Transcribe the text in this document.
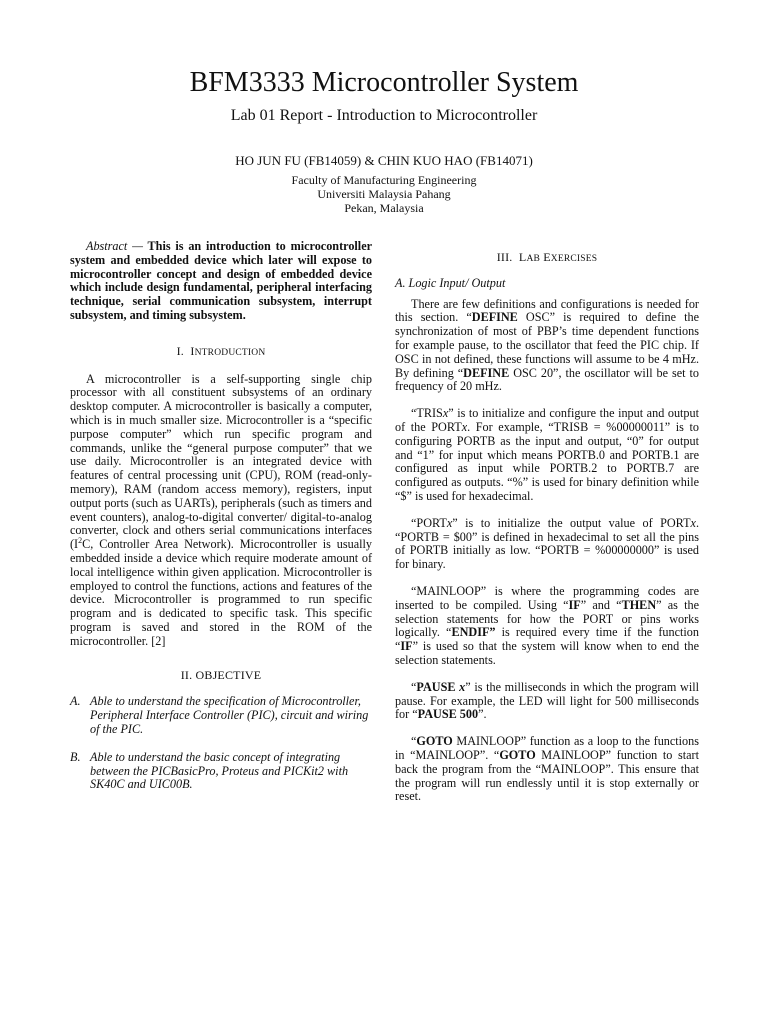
BFM3333 Microcontroller System
Lab 01 Report - Introduction to Microcontroller
HO JUN FU (FB14059) & CHIN KUO HAO (FB14071)
Faculty of Manufacturing Engineering
Universiti Malaysia Pahang
Pekan, Malaysia

Abstract — This is an introduction to microcontroller system and embedded device which later will expose to microcontroller concept and design of embedded device which include design fundamental, peripheral interfacing technique, serial communication subsystem, interrupt subsystem, and timing subsystem.

I. INTRODUCTION

A microcontroller is a self-supporting single chip processor with all constituent subsystems of an ordinary desktop computer. A microcontroller is basically a computer, which is in much smaller size. Microcontroller is a “specific purpose computer” which run specific program and commands, unlike the “general purpose computer” that we use daily. Microcontroller is an integrated device with features of central processing unit (CPU), ROM (read-only-memory), RAM (random access memory), registers, input output ports (such as UARTs), peripherals (such as timers and event counters), analog-to-digital converter/ digital-to-analog converter, clock and others serial communications interfaces ($I^2C$, Controller Area Network). Microcontroller is usually embedded inside a device which require moderate amount of local intelligence within given application. Microcontroller is employed to control the functions, actions and features of the device. Microcontroller is programmed to run specific program and is dedicated to specific task. This specific program is saved and stored in the ROM of the microcontroller. [2]

II. OBJECTIVE
A. Able to understand the specification of Microcontroller, Peripheral Interface Controller (PIC), circuit and wiring of the PIC.
B. Able to understand the basic concept of integrating between the PICBasicPro, Proteus and PICKit2 with SK40C and UIC00B.
III. LAB EXERCISES
A. Logic Input/ Output

There are few definitions and configurations is needed for this section. “DEFINE OSC” is required to define the synchronization of most of PBP’s time dependent functions for example pause, to the oscillator that feed the PIC chip. If OSC in not defined, these functions will assume to be 4 mHz. By defining “DEFINE OSC 20”, the oscillator will be set to frequency of 20 mHz.

“TRISx” is to initialize and configure the input and output of the PORTx. For example, “TRISB = %00000011” is to configuring PORTB as the input and output, “0” for output and “1” for input which means PORTB.0 and PORTB.1 are configured as input while PORTB.2 to PORTB.7 are configured as outputs. “%” is used for binary definition while “$” is used for hexadecimal.

“PORTx” is to initialize the output value of PORTx. “PORTB = $00” is defined in hexadecimal to set all the pins of PORTB initially as low. “PORTB = %00000000” is used for binary.

“MAINLOOP” is where the programming codes are inserted to be compiled. Using “IF” and “THEN” as the selection statements for how the PORT or pins works logically. “ENDIF” is required every time if the function “IF” is used so that the system will know when to end the selection statements.

“PAUSE x” is the milliseconds in which the program will pause. For example, the LED will light for 500 milliseconds for “PAUSE 500”.

“GOTO MAINLOOP” function as a loop to the functions in “MAINLOOP”. “GOTO MAINLOOP” function to start back the program from the “MAINLOOP”. This ensure that the program will run endlessly until it is stop externally or reset.
